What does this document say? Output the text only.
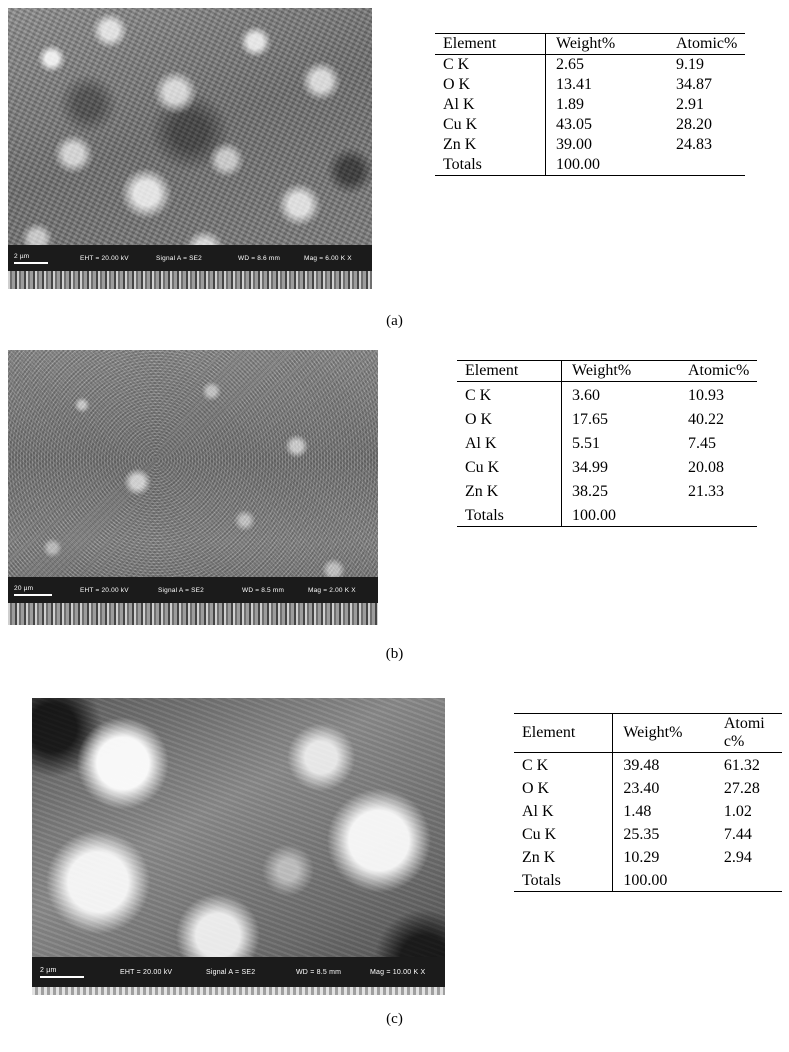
2 µm	EHT = 20.00 kV	Signal A = SE2	WD = 8.6 mm	Mag = 6.00 K X
Element	Weight%	Atomic%
C K	2.65	9.19
O K	13.41	34.87
Al K	1.89	2.91
Cu K	43.05	28.20
Zn K	39.00	24.83
Totals	100.00	
(a)
20 µm	EHT = 20.00 kV	Signal A = SE2	WD = 8.5 mm	Mag = 2.00 K X
Element	Weight%	Atomic%
C K	3.60	10.93
O K	17.65	40.22
Al K	5.51	7.45
Cu K	34.99	20.08
Zn K	38.25	21.33
Totals	100.00	
(b)
2 µm	EHT = 20.00 kV	Signal A = SE2	WD = 8.5 mm	Mag = 10.00 K X
Element	Weight%	Atomi c%
C K	39.48	61.32
O K	23.40	27.28
Al K	1.48	1.02
Cu K	25.35	7.44
Zn K	10.29	2.94
Totals	100.00	
(c)
